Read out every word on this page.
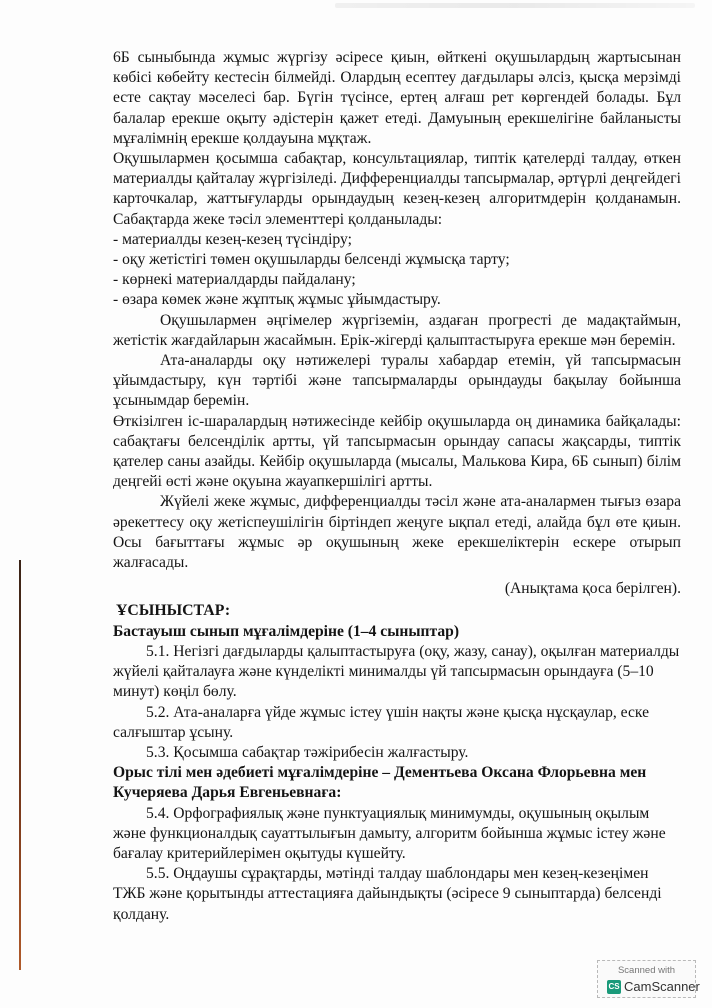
6Б сыныбында жұмыс жүргізу әсіресе қиын, өйткені оқушылардың жартысынан көбісі көбейту кестесін білмейді. Олардың есептеу дағдылары әлсіз, қысқа мерзімді есте сақтау мәселесі бар. Бүгін түсінсе, ертең алғаш рет көргендей болады. Бұл балалар ерекше оқыту әдістерін қажет етеді. Дамуының ерекшелігіне байланысты мұғалімнің ерекше қолдауына мұқтаж.

Оқушылармен қосымша сабақтар, консультациялар, типтік қателерді талдау, өткен материалды қайталау жүргізіледі. Дифференциалды тапсырмалар, әртүрлі деңгейдегі карточкалар, жаттығуларды орындаудың кезең-кезең алгоритмдерін қолданамын. Сабақтарда жеке тәсіл элементтері қолданылады:

- материалды кезең-кезең түсіндіру;

- оқу жетістігі төмен оқушыларды белсенді жұмысқа тарту;

- көрнекі материалдарды пайдалану;

- өзара көмек және жұптық жұмыс ұйымдастыру.

Оқушылармен әңгімелер жүргіземін, аздаған прогресті де мадақтаймын, жетістік жағдайларын жасаймын. Ерік-жігерді қалыптастыруға ерекше мән беремін.

Ата-аналарды оқу нәтижелері туралы хабардар етемін, үй тапсырмасын ұйымдастыру, күн тәртібі және тапсырмаларды орындауды бақылау бойынша ұсынымдар беремін.

Өткізілген іс-шаралардың нәтижесінде кейбір оқушыларда оң динамика байқалады: сабақтағы белсенділік артты, үй тапсырмасын орындау сапасы жақсарды, типтік қателер саны азайды. Кейбір оқушыларда (мысалы, Малькова Кира, 6Б сынып) білім деңгейі өсті және оқуына жауапкершілігі артты.

Жүйелі жеке жұмыс, дифференциалды тәсіл және ата-аналармен тығыз өзара әрекеттесу оқу жетіспеушілігін біртіндеп жеңуге ықпал етеді, алайда бұл өте қиын. Осы бағыттағы жұмыс әр оқушының жеке ерекшеліктерін ескере отырып жалғасады.

(Анықтама қоса берілген).

ҰСЫНЫСТАР:

Бастауыш сынып мұғалімдеріне (1–4 сыныптар)

5.1. Негізгі дағдыларды қалыптастыруға (оқу, жазу, санау), оқылған материалды жүйелі қайталауға және күнделікті минималды үй тапсырмасын орындауға (5–10 минут) көңіл бөлу.

5.2. Ата-аналарға үйде жұмыс істеу үшін нақты және қысқа нұсқаулар, еске салғыштар ұсыну.

5.3. Қосымша сабақтар тәжірибесін жалғастыру.

Орыс тілі мен әдебиеті мұғалімдеріне – Дементьева Оксана Флорьевна мен Кучеряева Дарья Евгеньевнаға:

5.4. Орфографиялық және пунктуациялық минимумды, оқушының оқылым және функционалдық сауаттылығын дамыту, алгоритм бойынша жұмыс істеу және бағалау критерийлерімен оқытуды күшейту.

5.5. Оңдаушы сұрақтарды, мәтінді талдау шаблондары мен кезең-кезеңімен ТЖБ және қорытынды аттестацияға дайындықты (әсіресе 9 сыныптарда) белсенді қолдану.

Scanned with
CS CamScanner
